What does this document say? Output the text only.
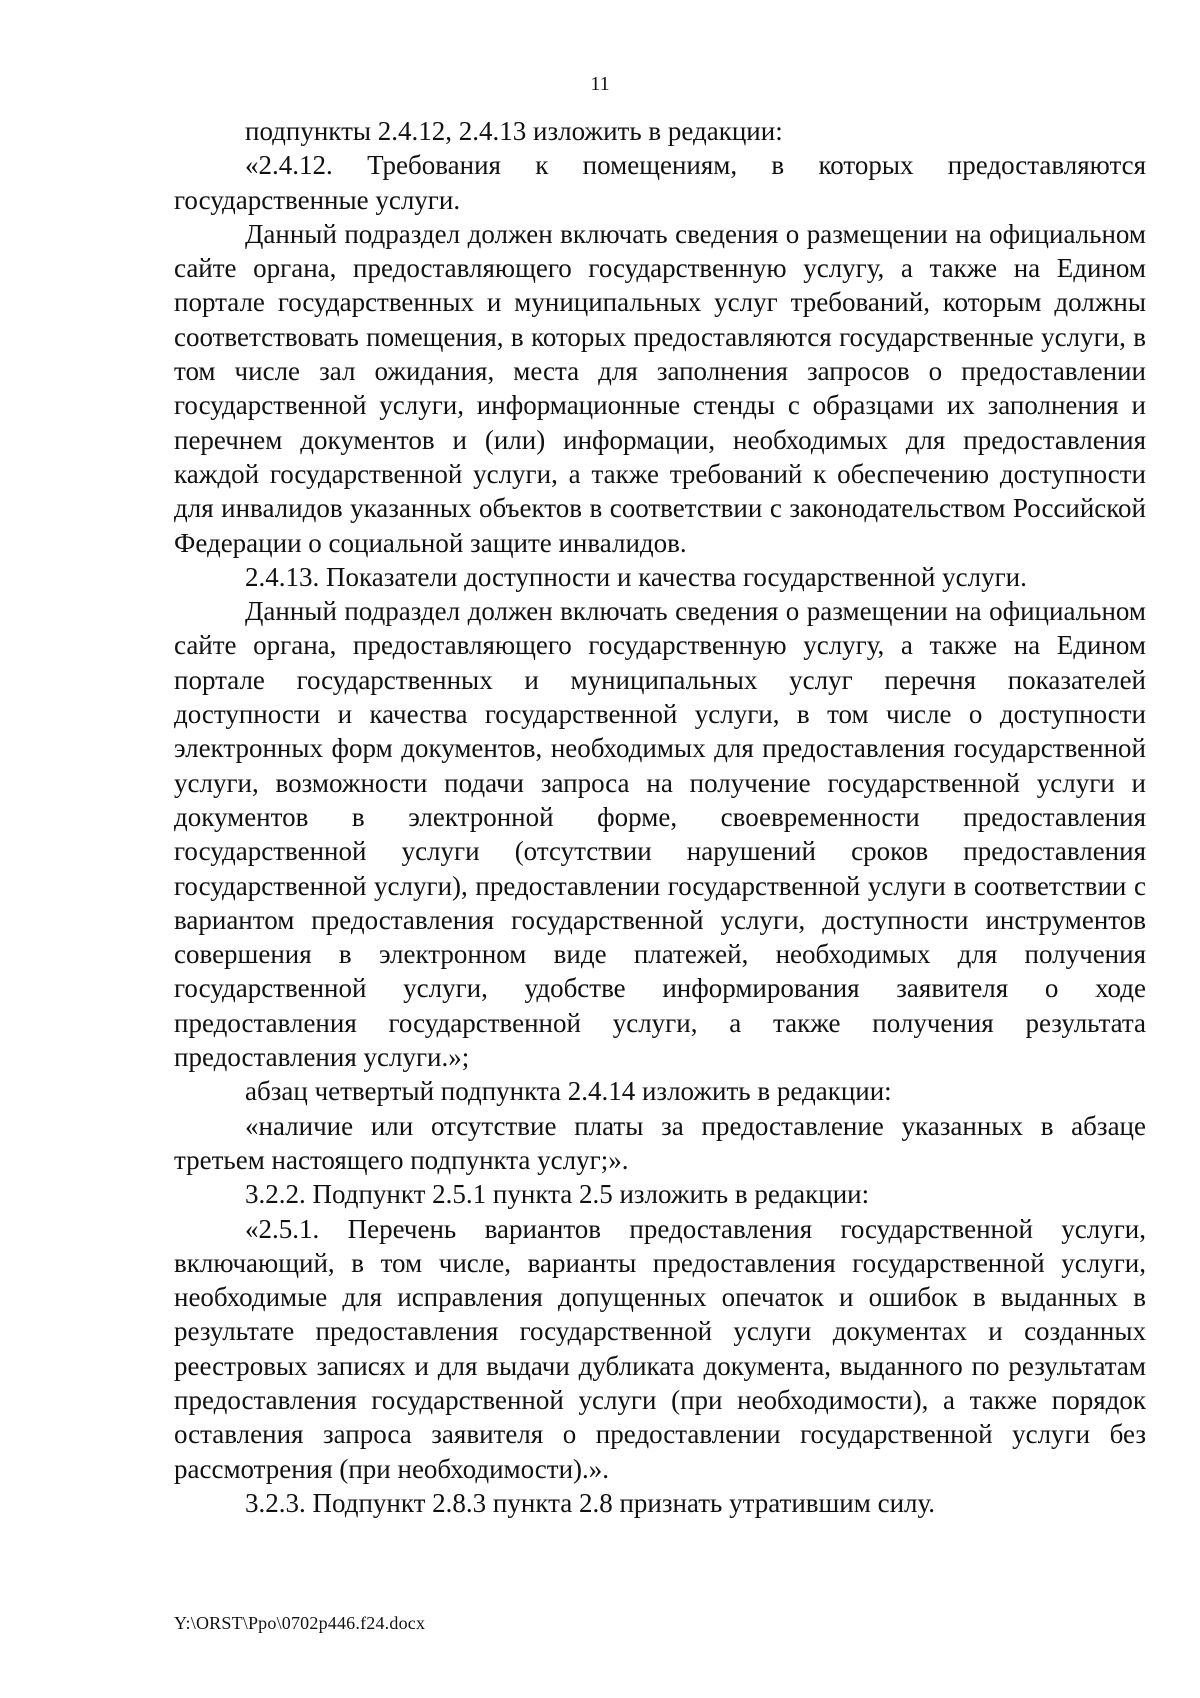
11

подпункты 2.4.12, 2.4.13 изложить в редакции:

«2.4.12. Требования к помещениям, в которых предоставляются государственные услуги.

Данный подраздел должен включать сведения о размещении на официальном сайте органа, предоставляющего государственную услугу, а также на Едином портале государственных и муниципальных услуг требований, которым должны соответствовать помещения, в которых предоставляются государственные услуги, в том числе зал ожидания, места для заполнения запросов о предоставлении государственной услуги, информационные стенды с образцами их заполнения и перечнем документов и (или) информации, необходимых для предоставления каждой государственной услуги, а также требований к обеспечению доступности для инвалидов указанных объектов в соответствии с законодательством Российской Федерации о социальной защите инвалидов.

2.4.13. Показатели доступности и качества государственной услуги.

Данный подраздел должен включать сведения о размещении на официальном сайте органа, предоставляющего государственную услугу, а также на Едином портале государственных и муниципальных услуг перечня показателей доступности и качества государственной услуги, в том числе о доступности электронных форм документов, необходимых для предоставления государственной услуги, возможности подачи запроса на получение государственной услуги и документов в электронной форме, своевременности предоставления государственной услуги (отсутствии нарушений сроков предоставления государственной услуги), предоставлении государственной услуги в соответствии с вариантом предоставления государственной услуги, доступности инструментов совершения в электронном виде платежей, необходимых для получения государственной услуги, удобстве информирования заявителя о ходе предоставления государственной услуги, а также получения результата предоставления услуги.»;

абзац четвертый подпункта 2.4.14 изложить в редакции:

«наличие или отсутствие платы за предоставление указанных в абзаце третьем настоящего подпункта услуг;».

3.2.2. Подпункт 2.5.1 пункта 2.5 изложить в редакции:

«2.5.1. Перечень вариантов предоставления государственной услуги, включающий, в том числе, варианты предоставления государственной услуги, необходимые для исправления допущенных опечаток и ошибок в выданных в результате предоставления государственной услуги документах и созданных реестровых записях и для выдачи дубликата документа, выданного по результатам предоставления государственной услуги (при необходимости), а также порядок оставления запроса заявителя о предоставлении государственной услуги без рассмотрения (при необходимости).».

3.2.3. Подпункт 2.8.3 пункта 2.8 признать утратившим силу.

Y:\ORST\Ppo\0702p446.f24.docx
